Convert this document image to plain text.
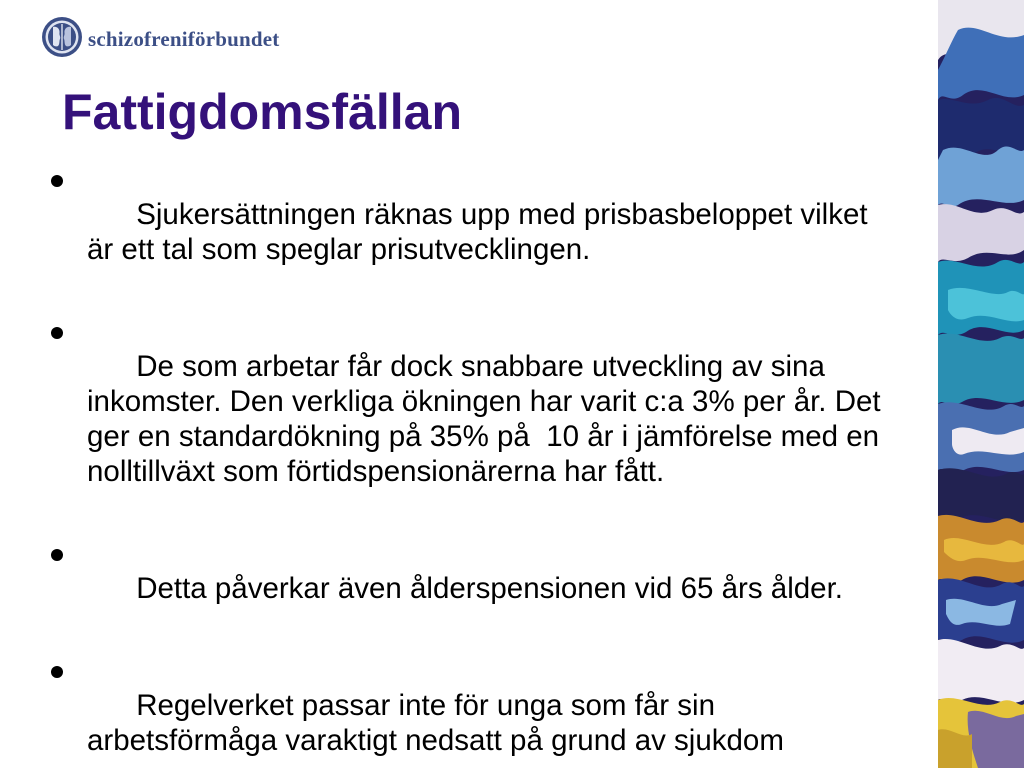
schizofreniförbundet
Fattigdomsfällan

Sjukersättningen räknas upp med prisbasbeloppet vilket är ett tal som speglar prisutvecklingen.

De som arbetar får dock snabbare utveckling av sina inkomster. Den verkliga ökningen har varit c:a 3% per år. Det ger en standardökning på 35% på  10 år i jämförelse med en nolltillväxt som förtidspensionärerna har fått.

Detta påverkar även ålderspensionen vid 65 års ålder.

Regelverket passar inte för unga som får sin arbetsförmåga varaktigt nedsatt på grund av sjukdom
